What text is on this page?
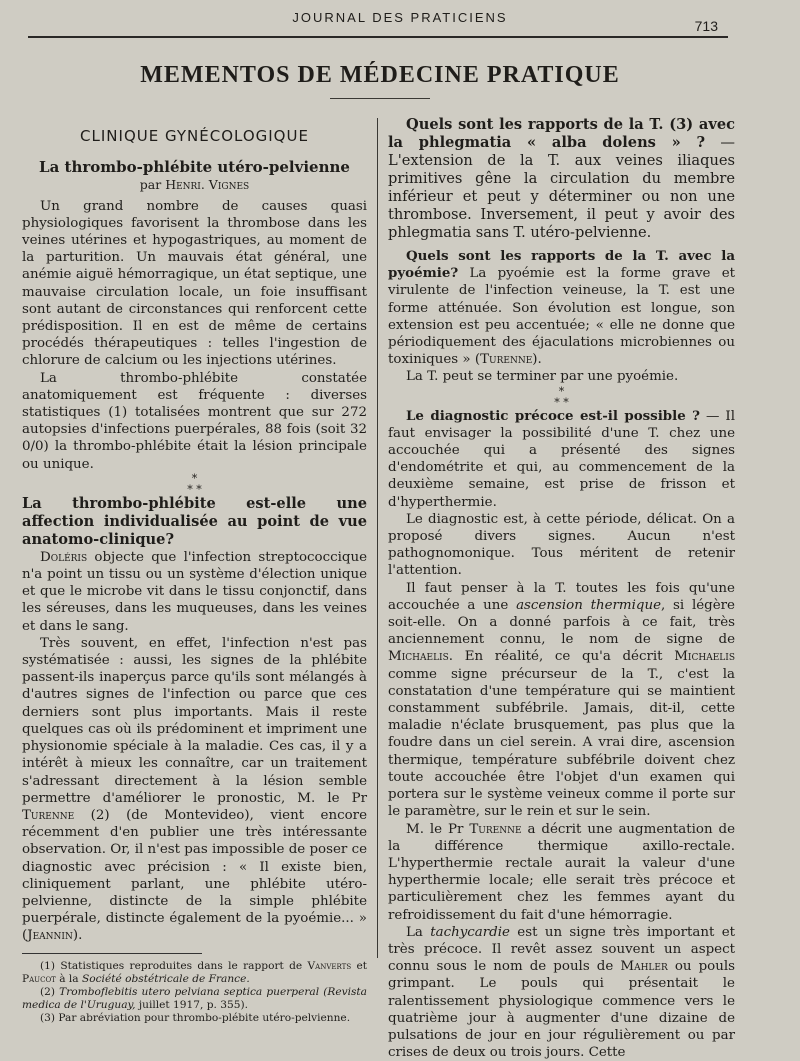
JOURNAL DES PRATICIENS
713
MEMENTOS DE MÉDECINE PRATIQUE
CLINIQUE GYNÉCOLOGIQUE
La thrombo-phlébite utéro-pelvienne
par Henri. Vignes

Un grand nombre de causes quasi physiologiques favorisent la thrombose dans les veines utérines et hypogastriques, au moment de la parturition. Un mauvais état général, une anémie aiguë hémorragique, un état septique, une mauvaise circulation locale, un foie insuffisant sont autant de circonstances qui renforcent cette prédisposition. Il en est de même de certains procédés thérapeutiques : telles l'ingestion de chlorure de calcium ou les injections utérines.

La thrombo-phlébite constatée anatomiquement est fréquente : diverses statistiques (1) totalisées montrent que sur 272 autopsies d'infections puerpérales, 88 fois (soit 32 0/0) la thrombo-phlébite était la lésion principale ou unique.

*
* *

La thrombo-phlébite est-elle une affection individualisée au point de vue anatomo-clinique?

Doléris objecte que l'infection streptococcique n'a point un tissu ou un système d'élection unique et que le microbe vit dans le tissu conjonctif, dans les séreuses, dans les muqueuses, dans les veines et dans le sang.

Très souvent, en effet, l'infection n'est pas systématisée : aussi, les signes de la phlébite passent-ils inaperçus parce qu'ils sont mélangés à d'autres signes de l'infection ou parce que ces derniers sont plus importants. Mais il reste quelques cas où ils prédominent et impriment une physionomie spéciale à la maladie. Ces cas, il y a intérêt à mieux les connaître, car un traitement s'adressant directement à la lésion semble permettre d'améliorer le pronostic, M. le Pr Turenne (2) (de Montevideo), vient encore récemment d'en publier une très intéressante observation. Or, il n'est pas impossible de poser ce diagnostic avec précision : « Il existe bien, cliniquement parlant, une phlébite utéro-pelvienne, distincte de la simple phlébite puerpérale, distincte également de la pyoémie... » (Jeannin).

(1) Statistiques reproduites dans le rapport de Vanverts et Paucot à la Société obstétricale de France.

(2) Tromboflebitis utero pelviana septica puerperal (Revista medica de l'Uruguay, juillet 1917, p. 355).

(3) Par abréviation pour thrombo-plébite utéro-pelvienne.

Quels sont les rapports de la T. (3) avec la phlegmatia « alba dolens » ? — L'extension de la T. aux veines iliaques primitives gêne la circulation du membre inférieur et peut y déterminer ou non une thrombose. Inversement, il peut y avoir des phlegmatia sans T. utéro-pelvienne.

Quels sont les rapports de la T. avec la pyoémie? La pyoémie est la forme grave et virulente de l'infection veineuse, la T. est une forme atténuée. Son évolution est longue, son extension est peu accentuée; « elle ne donne que périodiquement des éjaculations microbiennes ou toxiniques » (Turenne).

La T. peut se terminer par une pyoémie.

*
* *

Le diagnostic précoce est-il possible ? — Il faut envisager la possibilité d'une T. chez une accouchée qui a présenté des signes d'endométrite et qui, au commencement de la deuxième semaine, est prise de frisson et d'hyperthermie.

Le diagnostic est, à cette période, délicat. On a proposé divers signes. Aucun n'est pathognomonique. Tous méritent de retenir l'attention.

Il faut penser à la T. toutes les fois qu'une accouchée a une ascension thermique, si légère soit-elle. On a donné parfois à ce fait, très anciennement connu, le nom de signe de Michaelis. En réalité, ce qu'a décrit Michaelis comme signe précurseur de la T., c'est la constatation d'une température qui se maintient constamment subfébrile. Jamais, dit-il, cette maladie n'éclate brusquement, pas plus que la foudre dans un ciel serein. A vrai dire, ascension thermique, température subfébrile doivent chez toute accouchée être l'objet d'un examen qui portera sur le système veineux comme il porte sur le paramètre, sur le rein et sur le sein.

M. le Pr Turenne a décrit une augmentation de la différence thermique axillo-rectale. L'hyperthermie rectale aurait la valeur d'une hyperthermie locale; elle serait très précoce et particulièrement chez les femmes ayant du refroidissement du fait d'une hémorragie.

La tachycardie est un signe très important et très précoce. Il revêt assez souvent un aspect connu sous le nom de pouls de Mahler ou pouls grimpant. Le pouls qui présentait le ralentissement physiologique commence vers le quatrième jour à augmenter d'une dizaine de pulsations de jour en jour régulièrement ou par crises de deux ou trois jours. Cette
